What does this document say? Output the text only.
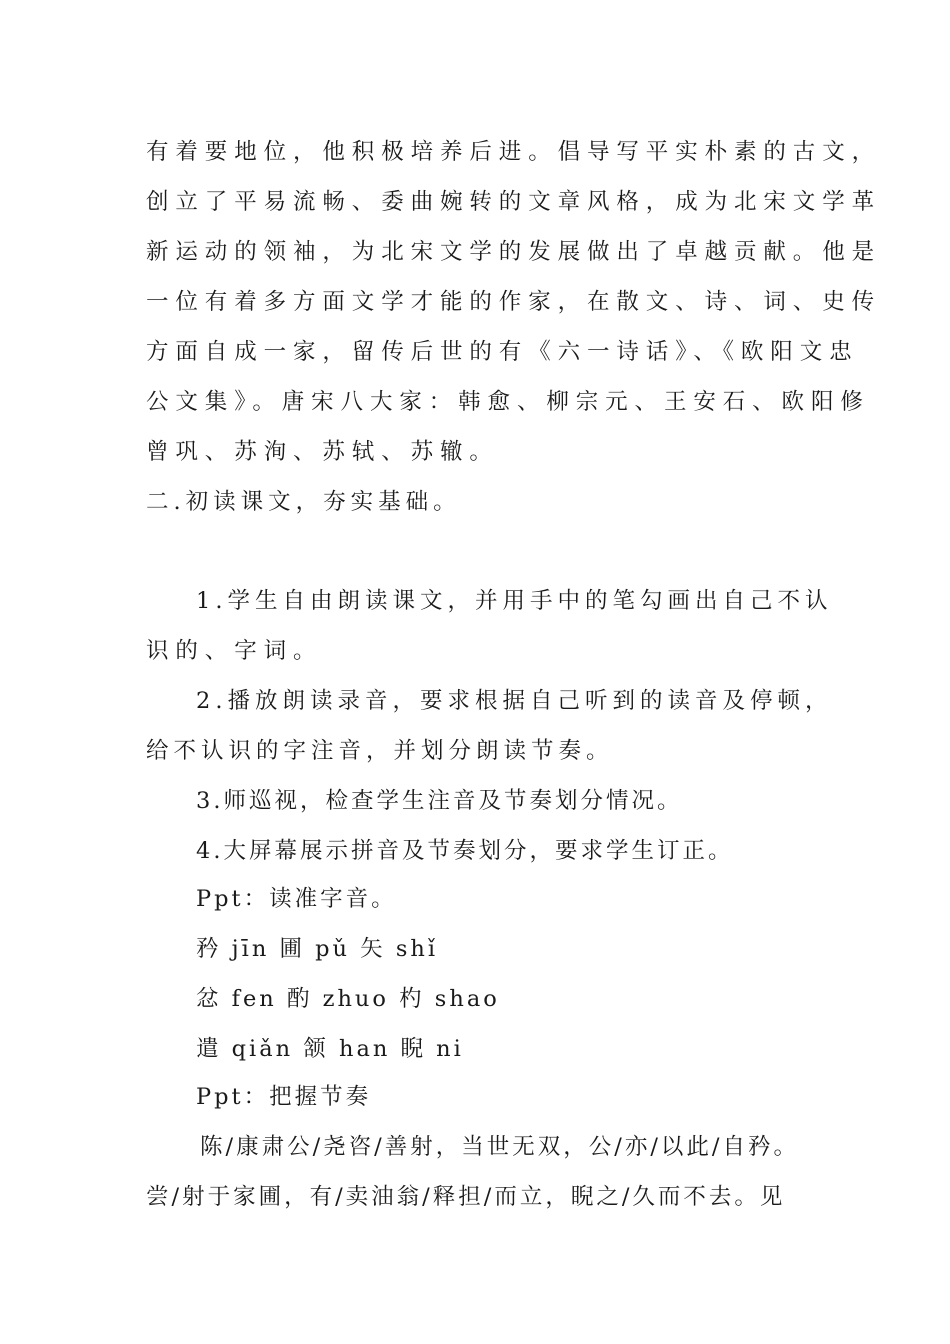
有着要地位，他积极培养后进。倡导写平实朴素的古文，
创立了平易流畅、委曲婉转的文章风格，成为北宋文学革
新运动的领袖，为北宋文学的发展做出了卓越贡献。他是
一位有着多方面文学才能的作家，在散文、诗、词、史传
方面自成一家，留传后世的有《六一诗话》、《欧阳文忠
公文集》。唐宋八大家：韩愈、柳宗元、王安石、欧阳修
曾巩、苏洵、苏轼、苏辙。
二.初读课文，夯实基础。
1.学生自由朗读课文，并用手中的笔勾画出自己不认
识的、字词。
2.播放朗读录音，要求根据自己听到的读音及停顿，
给不认识的字注音，并划分朗读节奏。
3.师巡视，检查学生注音及节奏划分情况。
4.大屏幕展示拼音及节奏划分，要求学生订正。
Ppt：读准字音。
矜 jīn 圃 pǔ 矢 shǐ
忿 fen 酌 zhuo 杓 shao
遣 qiǎn 颔 han 睨 ni
Ppt：把握节奏
陈/康肃公/尧咨/善射，当世无双，公/亦/以此/自矜。
尝/射于家圃，有/卖油翁/释担/而立，睨之/久而不去。见
